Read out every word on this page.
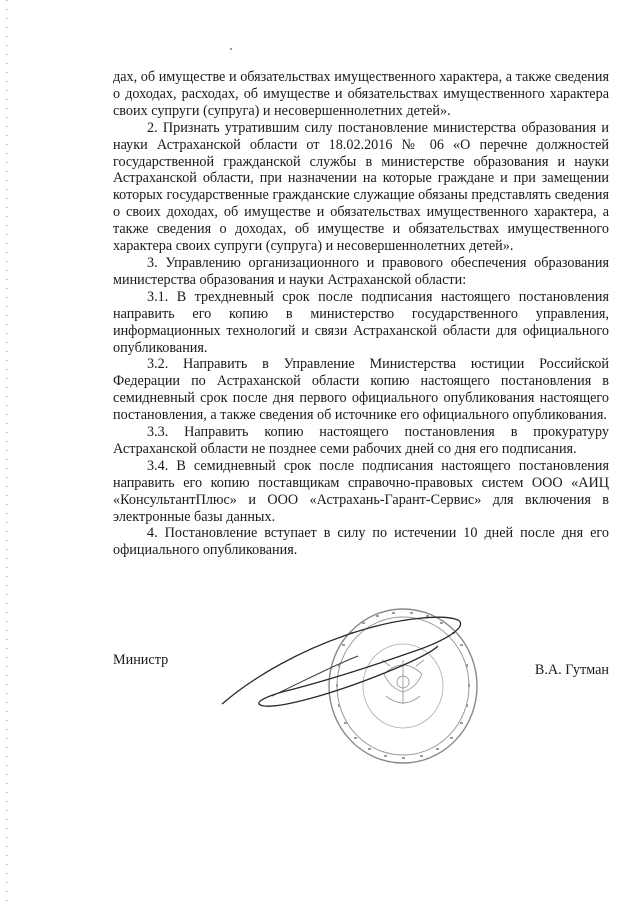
дах, об имуществе и обязательствах имущественного характера, а также сведения о доходах, расходах, об имуществе и обязательствах имущественного характера своих супруги (супруга) и несовершеннолетних детей».

2. Признать утратившим силу постановление министерства образования и науки Астраханской области от 18.02.2016 № 06 «О перечне должностей государственной гражданской службы в министерстве образования и науки Астраханской области, при назначении на которые граждане и при замещении которых государственные гражданские служащие обязаны представлять сведения о своих доходах, об имуществе и обязательствах имущественного характера, а также сведения о доходах, об имуществе и обязательствах имущественного характера своих супруги (супруга) и несовершеннолетних детей».

3. Управлению организационного и правового обеспечения образования министерства образования и науки Астраханской области:

3.1. В трехдневный срок после подписания настоящего постановления направить его копию в министерство государственного управления, информационных технологий и связи Астраханской области для официального опубликования.

3.2. Направить в Управление Министерства юстиции Российской Федерации по Астраханской области копию настоящего постановления в семидневный срок после дня первого официального опубликования настоящего постановления, а также сведения об источнике его официального опубликования.

3.3. Направить копию настоящего постановления в прокуратуру Астраханской области не позднее семи рабочих дней со дня его подписания.

3.4. В семидневный срок после подписания настоящего постановления направить его копию поставщикам справочно-правовых систем ООО «АИЦ «КонсультантПлюс» и ООО «Астрахань-Гарант-Сервис» для включения в электронные базы данных.

4. Постановление вступает в силу по истечении 10 дней после дня его официального опубликования.

Министр
В.А. Гутман
